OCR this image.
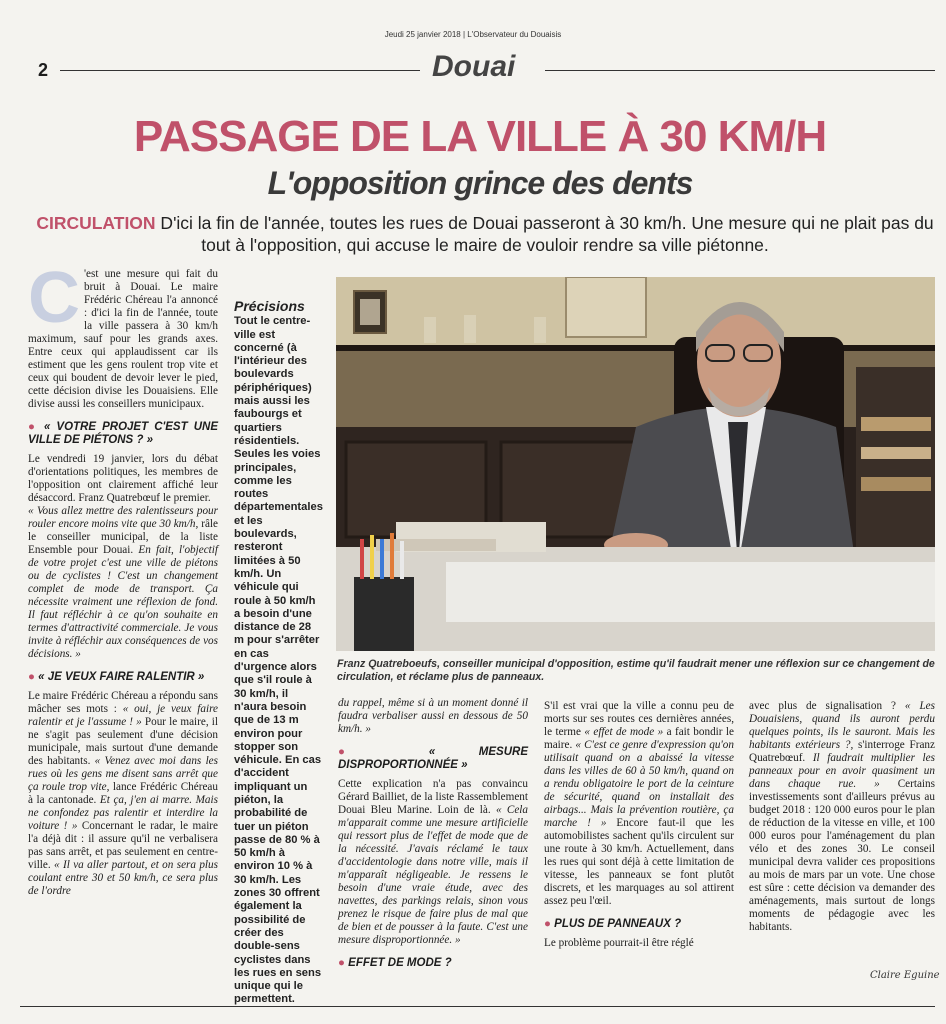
Jeudi 25 janvier 2018 | L'Observateur du Douaisis
2	Douai
PASSAGE DE LA VILLE À 30 KM/H
L'opposition grince des dents
CIRCULATION D'ici la fin de l'année, toutes les rues de Douai passeront à 30 km/h. Une mesure qui ne plait pas du tout à l'opposition, qui accuse le maire de vouloir rendre sa ville piétonne.

C 'est une mesure qui fait du bruit à Douai. Le maire Frédéric Chéreau l'a annoncé : d'ici la fin de l'année, toute la ville passera à 30 km/h maximum, sauf pour les grands axes. Entre ceux qui applaudissent car ils estiment que les gens roulent trop vite et ceux qui boudent de devoir lever le pied, cette décision divise les Douaisiens. Elle divise aussi les conseillers municipaux.

● « VOTRE PROJET C'EST UNE VILLE DE PIÉTONS ? »

Le vendredi 19 janvier, lors du débat d'orientations politiques, les membres de l'opposition ont clairement affiché leur désaccord. Franz Quatrebœuf le premier.

« Vous allez mettre des ralentisseurs pour rouler encore moins vite que 30 km/h, râle le conseiller municipal, de la liste Ensemble pour Douai. En fait, l'objectif de votre projet c'est une ville de piétons ou de cyclistes ! C'est un changement complet de mode de transport. Ça nécessite vraiment une réflexion de fond. Il faut réfléchir à ce qu'on souhaite en termes d'attractivité commerciale. Je vous invite à réfléchir aux conséquences de vos décisions. »

● « JE VEUX FAIRE RALENTIR »

Le maire Frédéric Chéreau a répondu sans mâcher ses mots : « oui, je veux faire ralentir et je l'assume ! » Pour le maire, il ne s'agit pas seulement d'une décision municipale, mais surtout d'une demande des habitants. « Venez avec moi dans les rues où les gens me disent sans arrêt que ça roule trop vite, lance Frédéric Chéreau à la cantonade. Et ça, j'en ai marre. Mais ne confondez pas ralentir et interdire la voiture ! » Concernant le radar, le maire l'a déjà dit : il assure qu'il ne verbalisera pas sans arrêt, et pas seulement en centre-ville. « Il va aller partout, et on sera plus coulant entre 30 et 50 km/h, ce sera plus de l'ordre

Précisions
Tout le centre-ville est concerné (à l'intérieur des boulevards périphériques) mais aussi les faubourgs et quartiers résidentiels. Seules les voies principales, comme les routes départementales et les boulevards, resteront limitées à 50 km/h. Un véhicule qui roule à 50 km/h a besoin d'une distance de 28 m pour s'arrêter en cas d'urgence alors que s'il roule à 30 km/h, il n'aura besoin que de 13 m environ pour stopper son véhicule. En cas d'accident impliquant un piéton, la probabilité de tuer un piéton passe de 80 % à 50 km/h à environ 10 % à 30 km/h. Les zones 30 offrent également la possibilité de créer des double-sens cyclistes dans les rues en sens unique qui le permettent.
Franz Quatreboeufs, conseiller municipal d'opposition, estime qu'il faudrait mener une réflexion sur ce changement de circulation, et réclame plus de panneaux.

du rappel, même si à un moment donné il faudra verbaliser aussi en dessous de 50 km/h. »

●	« MESURE DISPROPORTIONNÉE »

Cette explication n'a pas convaincu Gérard Bailliet, de la liste Rassemblement Douai Bleu Marine. Loin de là. « Cela m'apparait comme une mesure artificielle qui ressort plus de l'effet de mode que de la nécessité. J'avais réclamé le taux d'accidentologie dans notre ville, mais il m'apparaît négligeable. Je ressens le besoin d'une vraie étude, avec des navettes, des parkings relais, sinon vous prenez le risque de faire plus de mal que de bien et de pousser à la faute. C'est une mesure disproportionnée. »

● EFFET DE MODE ?

S'il est vrai que la ville a connu peu de morts sur ses routes ces dernières années, le terme « effet de mode » a fait bondir le maire. « C'est ce genre d'expression qu'on utilisait quand on a abaissé la vitesse dans les villes de 60 à 50 km/h, quand on a rendu obligatoire le port de la ceinture de sécurité, quand on installait des airbags... Mais la prévention routière, ça marche ! » Encore faut-il que les automobilistes sachent qu'ils circulent sur une route à 30 km/h. Actuellement, dans les rues qui sont déjà à cette limitation de vitesse, les panneaux se font plutôt discrets, et les marquages au sol attirent assez peu l'œil.

● PLUS DE PANNEAUX ?

Le problème pourrait-il être réglé

avec plus de signalisation ? « Les Douaisiens, quand ils auront perdu quelques points, ils le sauront. Mais les habitants extérieurs ?, s'interroge Franz Quatrebœuf. Il faudrait multiplier les panneaux pour en avoir quasiment un dans chaque rue. » Certains investissements sont d'ailleurs prévus au budget 2018 : 120 000 euros pour le plan de réduction de la vitesse en ville, et 100 000 euros pour l'aménagement du plan vélo et des zones 30. Le conseil municipal devra valider ces propositions au mois de mars par un vote. Une chose est sûre : cette décision va demander des aménagements, mais surtout de longs moments de pédagogie avec les habitants.

Claire Eguine
